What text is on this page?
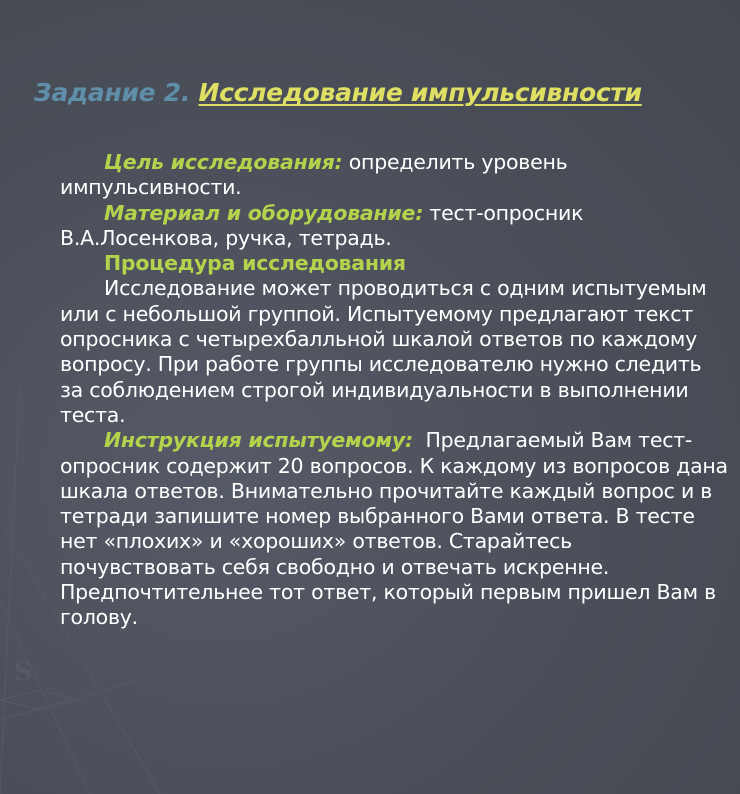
S
Задание 2. Исследование импульсивности

Цель исследования: определить уровень импульсивности.

Материал и оборудование: тест-опросник В.А.Лосенкова, ручка, тетрадь.

Процедура исследования

Исследование может проводиться с одним испытуемым или с небольшой группой. Испытуемому предлагают текст опросника с четырехбалльной шкалой ответов по каждому вопросу. При работе группы исследователю нужно следить за соблюдением строгой индивидуальности в выполнении теста.

Инструкция испытуемому: Предлагаемый Вам тест-опросник содержит 20 вопросов. К каждому из вопросов дана шкала ответов. Внимательно прочитайте каждый вопрос и в тетради запишите номер выбранного Вами ответа. В тесте нет «плохих» и «хороших» ответов. Старайтесь почувствовать себя свободно и отвечать искренне. Предпочтительнее тот ответ, который первым пришел Вам в голову.
